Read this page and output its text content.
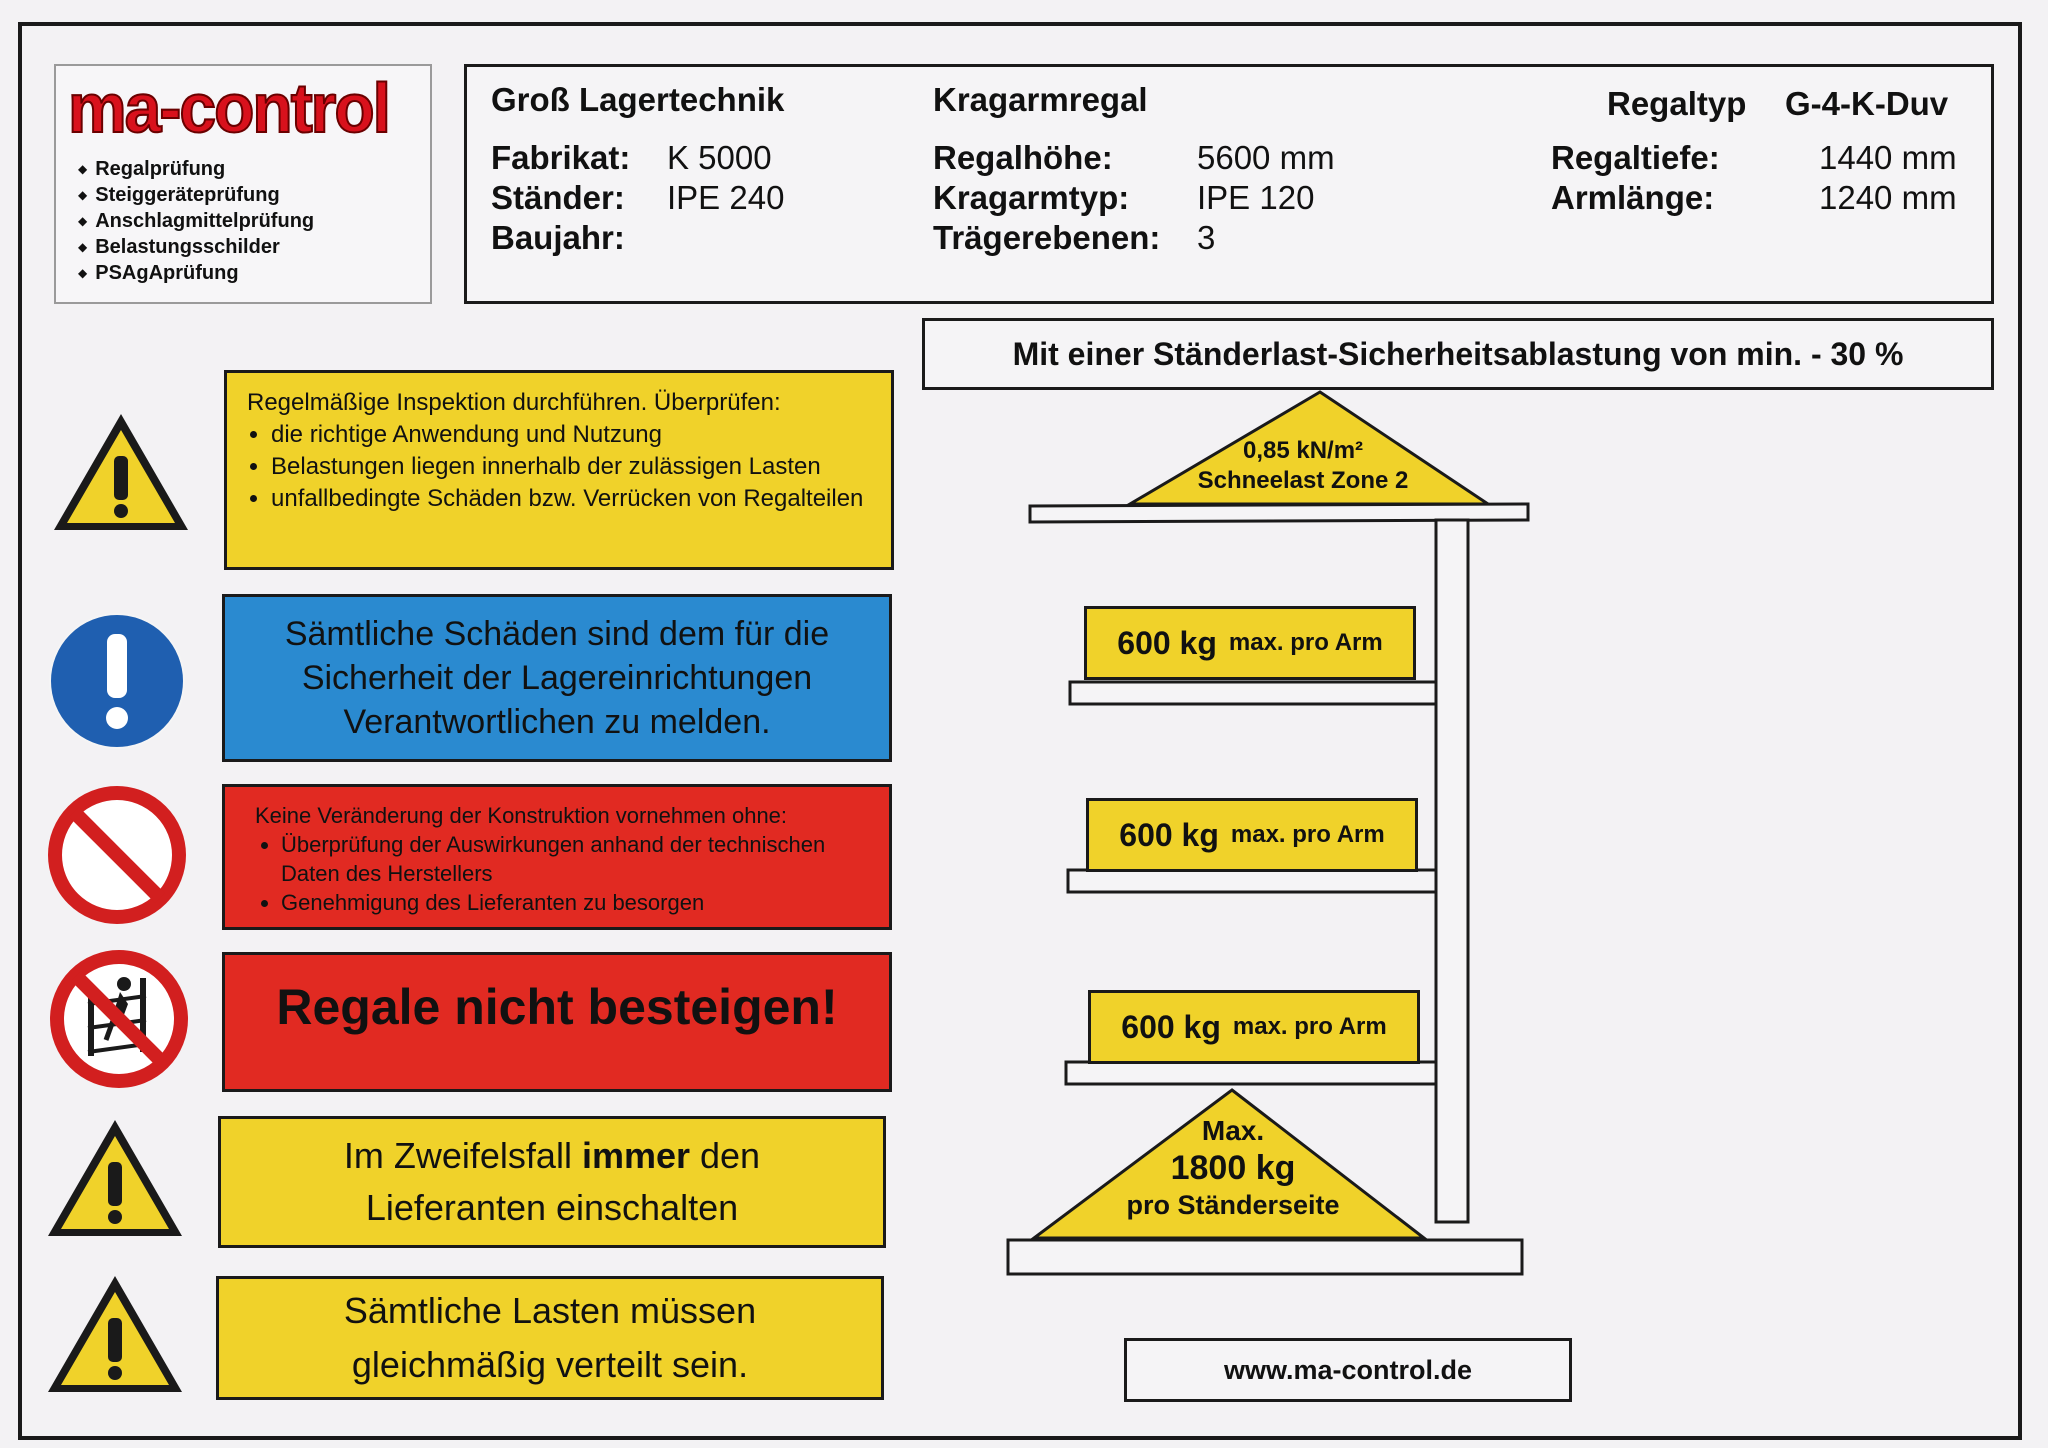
ma-control
◆ Regalprüfung
◆ Steiggeräteprüfung
◆ Anschlagmittelprüfung
◆ Belastungsschilder
◆ PSAgAprüfung
Groß Lagertechnik	Kragarmregal	Regaltyp G-4-K-Duv
Fabrikat: K 5000
Ständer: IPE 240
Baujahr:
Regalhöhe:	5600 mm
Kragarmtyp: IPE 120
Trägerebenen: 3
Regaltiefe:	1440 mm
Armlänge:	1240 mm
Mit einer Ständerlast-Sicherheitsablastung von min. - 30 %
Regelmäßige Inspektion durchführen. Überprüfen:
• die richtige Anwendung und Nutzung
• Belastungen liegen innerhalb der zulässigen Lasten
• unfallbedingte Schäden bzw. Verrücken von Regalteilen
Sämtliche Schäden sind dem für die
Sicherheit der Lagereinrichtungen
Verantwortlichen zu melden.
Keine Veränderung der Konstruktion vornehmen ohne:
• Überprüfung der Auswirkungen anhand der technischen Daten des Herstellers
• Genehmigung des Lieferanten zu besorgen
Regale nicht besteigen!
Im Zweifelsfall immer den
Lieferanten einschalten
Sämtliche Lasten müssen
gleichmäßig verteilt sein.
0,85 kN/m²
Schneelast Zone 2
600 kg max. pro Arm
600 kg max. pro Arm
600 kg max. pro Arm
Max.
1800 kg
pro Ständerseite
www.ma-control.de
